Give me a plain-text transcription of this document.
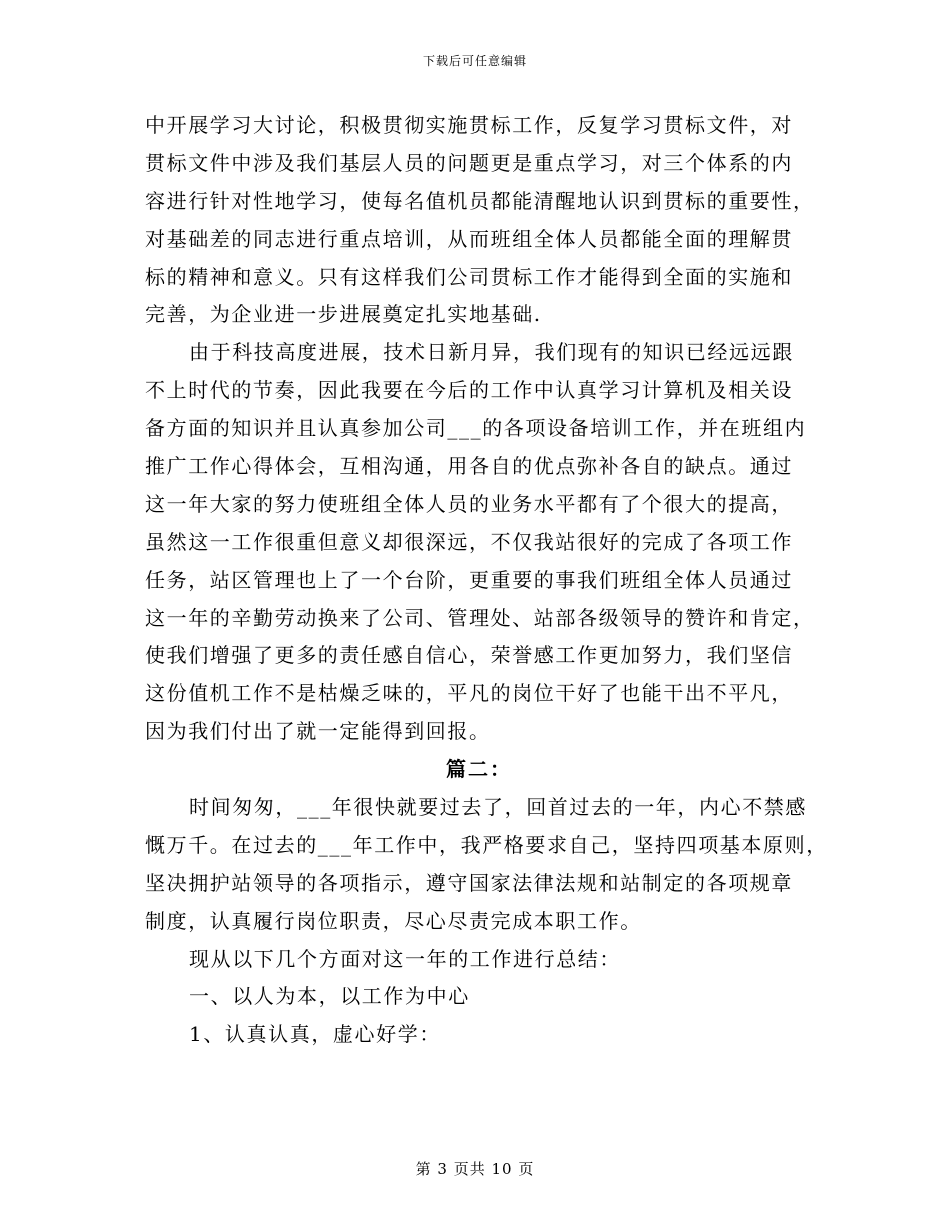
下载后可任意编辑
中开展学习大讨论，积极贯彻实施贯标工作，反复学习贯标文件，对
贯标文件中涉及我们基层人员的问题更是重点学习，对三个体系的内
容进行针对性地学习，使每名值机员都能清醒地认识到贯标的重要性，
对基础差的同志进行重点培训，从而班组全体人员都能全面的理解贯
标的精神和意义。只有这样我们公司贯标工作才能得到全面的实施和
完善，为企业进一步进展奠定扎实地基础.
由于科技高度进展，技术日新月异，我们现有的知识已经远远跟
不上时代的节奏，因此我要在今后的工作中认真学习计算机及相关设
备方面的知识并且认真参加公司___的各项设备培训工作，并在班组内
推广工作心得体会，互相沟通，用各自的优点弥补各自的缺点。通过
这一年大家的努力使班组全体人员的业务水平都有了个很大的提高，
虽然这一工作很重但意义却很深远，不仅我站很好的完成了各项工作
任务，站区管理也上了一个台阶，更重要的事我们班组全体人员通过
这一年的辛勤劳动换来了公司、管理处、站部各级领导的赞许和肯定，
使我们增强了更多的责任感自信心，荣誉感工作更加努力，我们坚信
这份值机工作不是枯燥乏味的，平凡的岗位干好了也能干出不平凡，
因为我们付出了就一定能得到回报。
篇二：
时间匆匆，___年很快就要过去了，回首过去的一年，内心不禁感
慨万千。在过去的___年工作中，我严格要求自己，坚持四项基本原则，
坚决拥护站领导的各项指示，遵守国家法律法规和站制定的各项规章
制度，认真履行岗位职责，尽心尽责完成本职工作。
现从以下几个方面对这一年的工作进行总结：
一、以人为本，以工作为中心
1、认真认真，虚心好学：
第 3 页共 10 页
